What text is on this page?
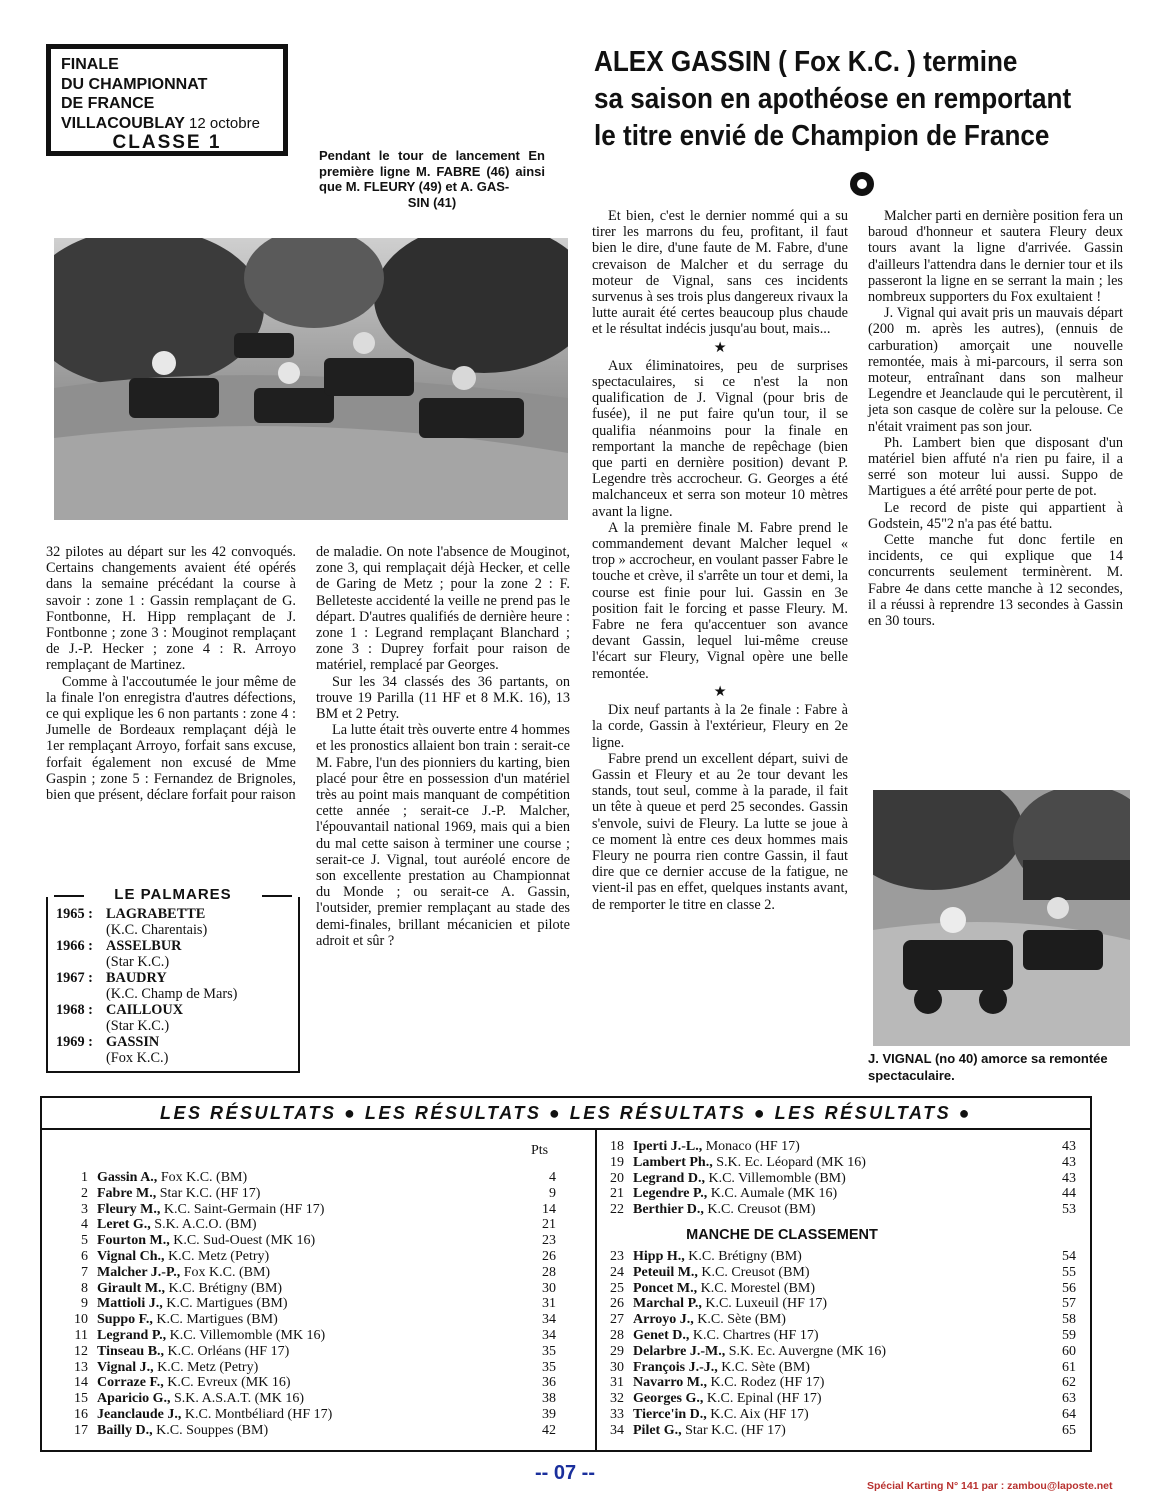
FINALE
DU CHAMPIONNAT
DE FRANCE
VILLACOUBLAY 12 octobre
CLASSE 1
ALEX GASSIN ( Fox K.C. ) termine
sa saison en apothéose en remportant
le titre envié de Champion de France
Pendant le tour de lancement En première ligne M. FABRE (46) ainsi que M. FLEURY (49) et A. GAS-
SIN (41)

32 pilotes au départ sur les 42 convoqués. Certains changements avaient été opérés dans la semaine précédant la course à savoir : zone 1 : Gassin remplaçant de G. Fontbonne, H. Hipp remplaçant de J. Fontbonne ; zone 3 : Mouginot remplaçant de J.-P. Hecker ; zone 4 : R. Arroyo remplaçant de Martinez.

Comme à l'accoutumée le jour même de la finale l'on enregistra d'autres défections, ce qui explique les 6 non partants : zone 4 : Jumelle de Bordeaux remplaçant déjà le 1er remplaçant Arroyo, forfait sans excuse, forfait également non excusé de Mme Gaspin ; zone 5 : Fernandez de Brignoles, bien que présent, déclare forfait pour raison

LE PALMARES
1965 : LAGRABETTE
(K.C. Charentais)
1966 : ASSELBUR
(Star K.C.)
1967 : BAUDRY
(K.C. Champ de Mars)
1968 : CAILLOUX
(Star K.C.)
1969 : GASSIN
(Fox K.C.)

de maladie. On note l'absence de Mouginot, zone 3, qui remplaçait déjà Hecker, et celle de Garing de Metz ; pour la zone 2 : F. Belleteste accidenté la veille ne prend pas le départ. D'autres qualifiés de dernière heure : zone 1 : Legrand remplaçant Blanchard ; zone 3 : Duprey forfait pour raison de matériel, remplacé par Georges.

Sur les 34 classés des 36 partants, on trouve 19 Parilla (11 HF et 8 M.K. 16), 13 BM et 2 Petry.

La lutte était très ouverte entre 4 hommes et les pronostics allaient bon train : serait-ce M. Fabre, l'un des pionniers du karting, bien placé pour être en possession d'un matériel très au point mais manquant de compétition cette année ; serait-ce J.-P. Malcher, l'épouvantail national 1969, mais qui a bien du mal cette saison à terminer une course ; serait-ce J. Vignal, tout auréolé encore de son excellente prestation au Championnat du Monde ; ou serait-ce A. Gassin, l'outsider, premier remplaçant au stade des demi-finales, brillant mécanicien et pilote adroit et sûr ?

Et bien, c'est le dernier nommé qui a su tirer les marrons du feu, profitant, il faut bien le dire, d'une faute de M. Fabre, d'une crevaison de Malcher et du serrage du moteur de Vignal, sans ces incidents survenus à ses trois plus dangereux rivaux la lutte aurait été certes beaucoup plus chaude et le résultat indécis jusqu'au bout, mais...

★

Aux éliminatoires, peu de surprises spectaculaires, si ce n'est la non qualification de J. Vignal (pour bris de fusée), il ne put faire qu'un tour, il se qualifia néanmoins pour la finale en remportant la manche de repêchage (bien que parti en dernière position) devant P. Legendre très accrocheur. G. Georges a été malchanceux et serra son moteur 10 mètres avant la ligne.

A la première finale M. Fabre prend le commandement devant Malcher lequel « trop » accrocheur, en voulant passer Fabre le touche et crève, il s'arrête un tour et demi, la course est finie pour lui. Gassin en 3e position fait le forcing et passe Fleury. M. Fabre ne fera qu'accentuer son avance devant Gassin, lequel lui-même creuse l'écart sur Fleury, Vignal opère une belle remontée.

★

Dix neuf partants à la 2e finale : Fabre à la corde, Gassin à l'extérieur, Fleury en 2e ligne.

Fabre prend un excellent départ, suivi de Gassin et Fleury et au 2e tour devant les stands, tout seul, comme à la parade, il fait un tête à queue et perd 25 secondes. Gassin s'envole, suivi de Fleury. La lutte se joue à ce moment là entre ces deux hommes mais Fleury ne pourra rien contre Gassin, il faut dire que ce dernier accuse de la fatigue, ne vient-il pas en effet, quelques instants avant, de remporter le titre en classe 2.

Malcher parti en dernière position fera un baroud d'honneur et sautera Fleury deux tours avant la ligne d'arrivée. Gassin d'ailleurs l'attendra dans le dernier tour et ils passeront la ligne en se serrant la main ; les nombreux supporters du Fox exultaient !

J. Vignal qui avait pris un mauvais départ (200 m. après les autres), (ennuis de carburation) amorçait une nouvelle remontée, mais à mi-parcours, il serra son moteur, entraînant dans son malheur Legendre et Jeanclaude qui le percutèrent, il jeta son casque de colère sur la pelouse. Ce n'était vraiment pas son jour.

Ph. Lambert bien que disposant d'un matériel bien affuté n'a rien pu faire, il a serré son moteur lui aussi. Suppo de Martigues a été arrêté pour perte de pot.

Le record de piste qui appartient à Godstein, 45"2 n'a pas été battu.

Cette manche fut donc fertile en incidents, ce qui explique que 14 concurrents seulement terminèrent. M. Fabre 4e dans cette manche à 12 secondes, il a réussi à reprendre 13 secondes à Gassin en 30 tours.

J. VIGNAL (no 40) amorce sa remontée spectaculaire.
LES RÉSULTATS ● LES RÉSULTATS ● LES RÉSULTATS ● LES RÉSULTATS ●
Pts
1 Gassin A., Fox K.C. (BM)	4
2 Fabre M., Star K.C. (HF 17)	9
3 Fleury M., K.C. Saint-Germain (HF 17)	14
4 Leret G., S.K. A.C.O. (BM)	21
5 Fourton M., K.C. Sud-Ouest (MK 16)	23
6 Vignal Ch., K.C. Metz (Petry)	26
7 Malcher J.-P., Fox K.C. (BM)	28
8 Girault M., K.C. Brétigny (BM)	30
9 Mattioli J., K.C. Martigues (BM)	31
10 Suppo F., K.C. Martigues (BM)	34
11 Legrand P., K.C. Villemomble (MK 16)	34
12 Tinseau B., K.C. Orléans (HF 17)	35
13 Vignal J., K.C. Metz (Petry)	35
14 Corraze F., K.C. Evreux (MK 16)	36
15 Aparicio G., S.K. A.S.A.T. (MK 16)	38
16 Jeanclaude J., K.C. Montbéliard (HF 17)	39
17 Bailly D., K.C. Souppes (BM)	42
18 Iperti J.-L., Monaco (HF 17)	43
19 Lambert Ph., S.K. Ec. Léopard (MK 16)	43
20 Legrand D., K.C. Villemomble (BM)	43
21 Legendre P., K.C. Aumale (MK 16)	44
22 Berthier D., K.C. Creusot (BM)	53
MANCHE DE CLASSEMENT
23 Hipp H., K.C. Brétigny (BM)	54
24 Peteuil M., K.C. Creusot (BM)	55
25 Poncet M., K.C. Morestel (BM)	56
26 Marchal P., K.C. Luxeuil (HF 17)	57
27 Arroyo J., K.C. Sète (BM)	58
28 Genet D., K.C. Chartres (HF 17)	59
29 Delarbre J.-M., S.K. Ec. Auvergne (MK 16)	60
30 François J.-J., K.C. Sète (BM)	61
31 Navarro M., K.C. Rodez (HF 17)	62
32 Georges G., K.C. Epinal (HF 17)	63
33 Tierce'in D., K.C. Aix (HF 17)	64
34 Pilet G., Star K.C. (HF 17)	65
-- 07 --
Spécial Karting N° 141 par : zambou@laposte.net
